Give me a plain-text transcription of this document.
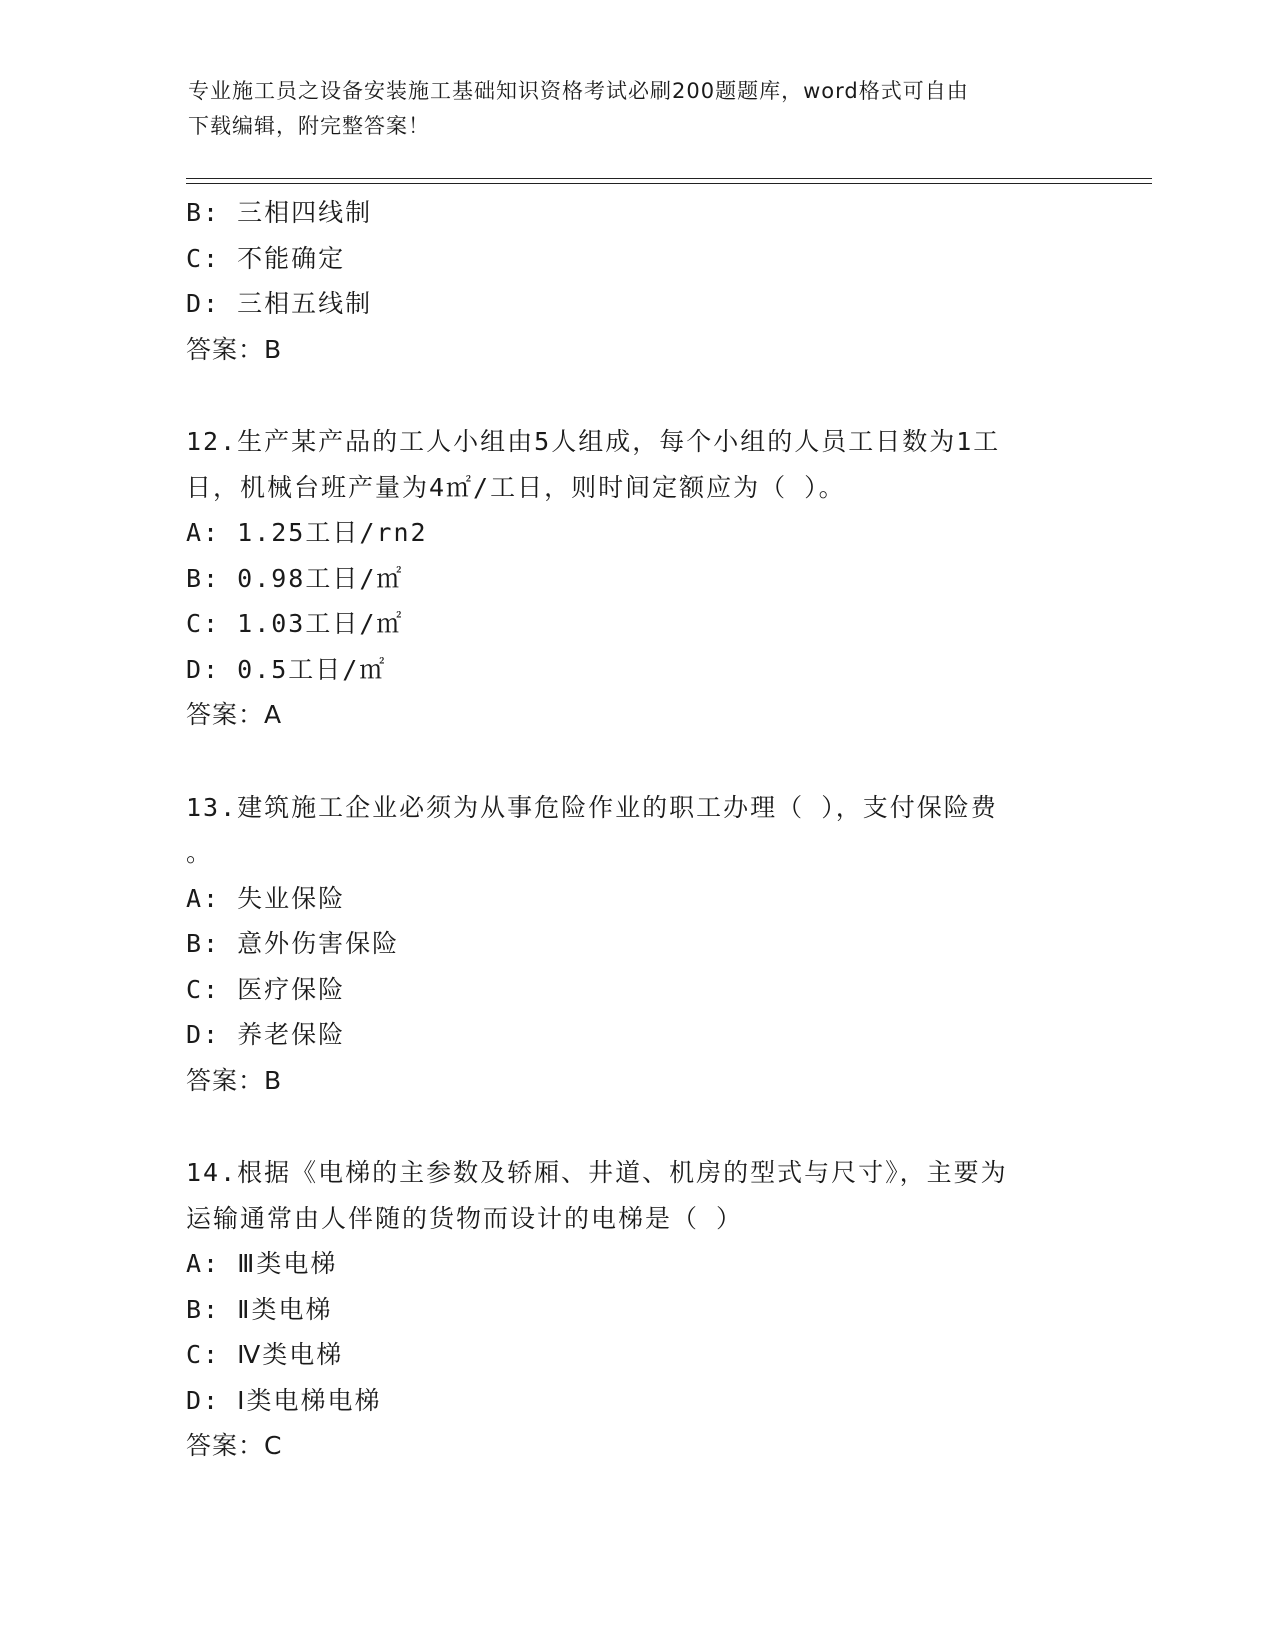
专业施工员之设备安装施工基础知识资格考试必刷200题题库，word格式可自由
下载编辑，附完整答案！
B: 三相四线制
C: 不能确定
D: 三相五线制
答案：B
12.生产某产品的工人小组由5人组成，每个小组的人员工日数为1工
日，机械台班产量为4㎡/工日，则时间定额应为（ ）。
A: 1.25工日/rn2
B: 0.98工日/㎡
C: 1.03工日/㎡
D: 0.5工日/㎡
答案：A
13.建筑施工企业必须为从事危险作业的职工办理（ ），支付保险费
。
A: 失业保险
B: 意外伤害保险
C: 医疗保险
D: 养老保险
答案：B
14.根据《电梯的主参数及轿厢、井道、机房的型式与尺寸》，主要为
运输通常由人伴随的货物而设计的电梯是（ ）
A: Ⅲ类电梯
B: Ⅱ类电梯
C: Ⅳ类电梯
D: Ⅰ类电梯电梯
答案：C
